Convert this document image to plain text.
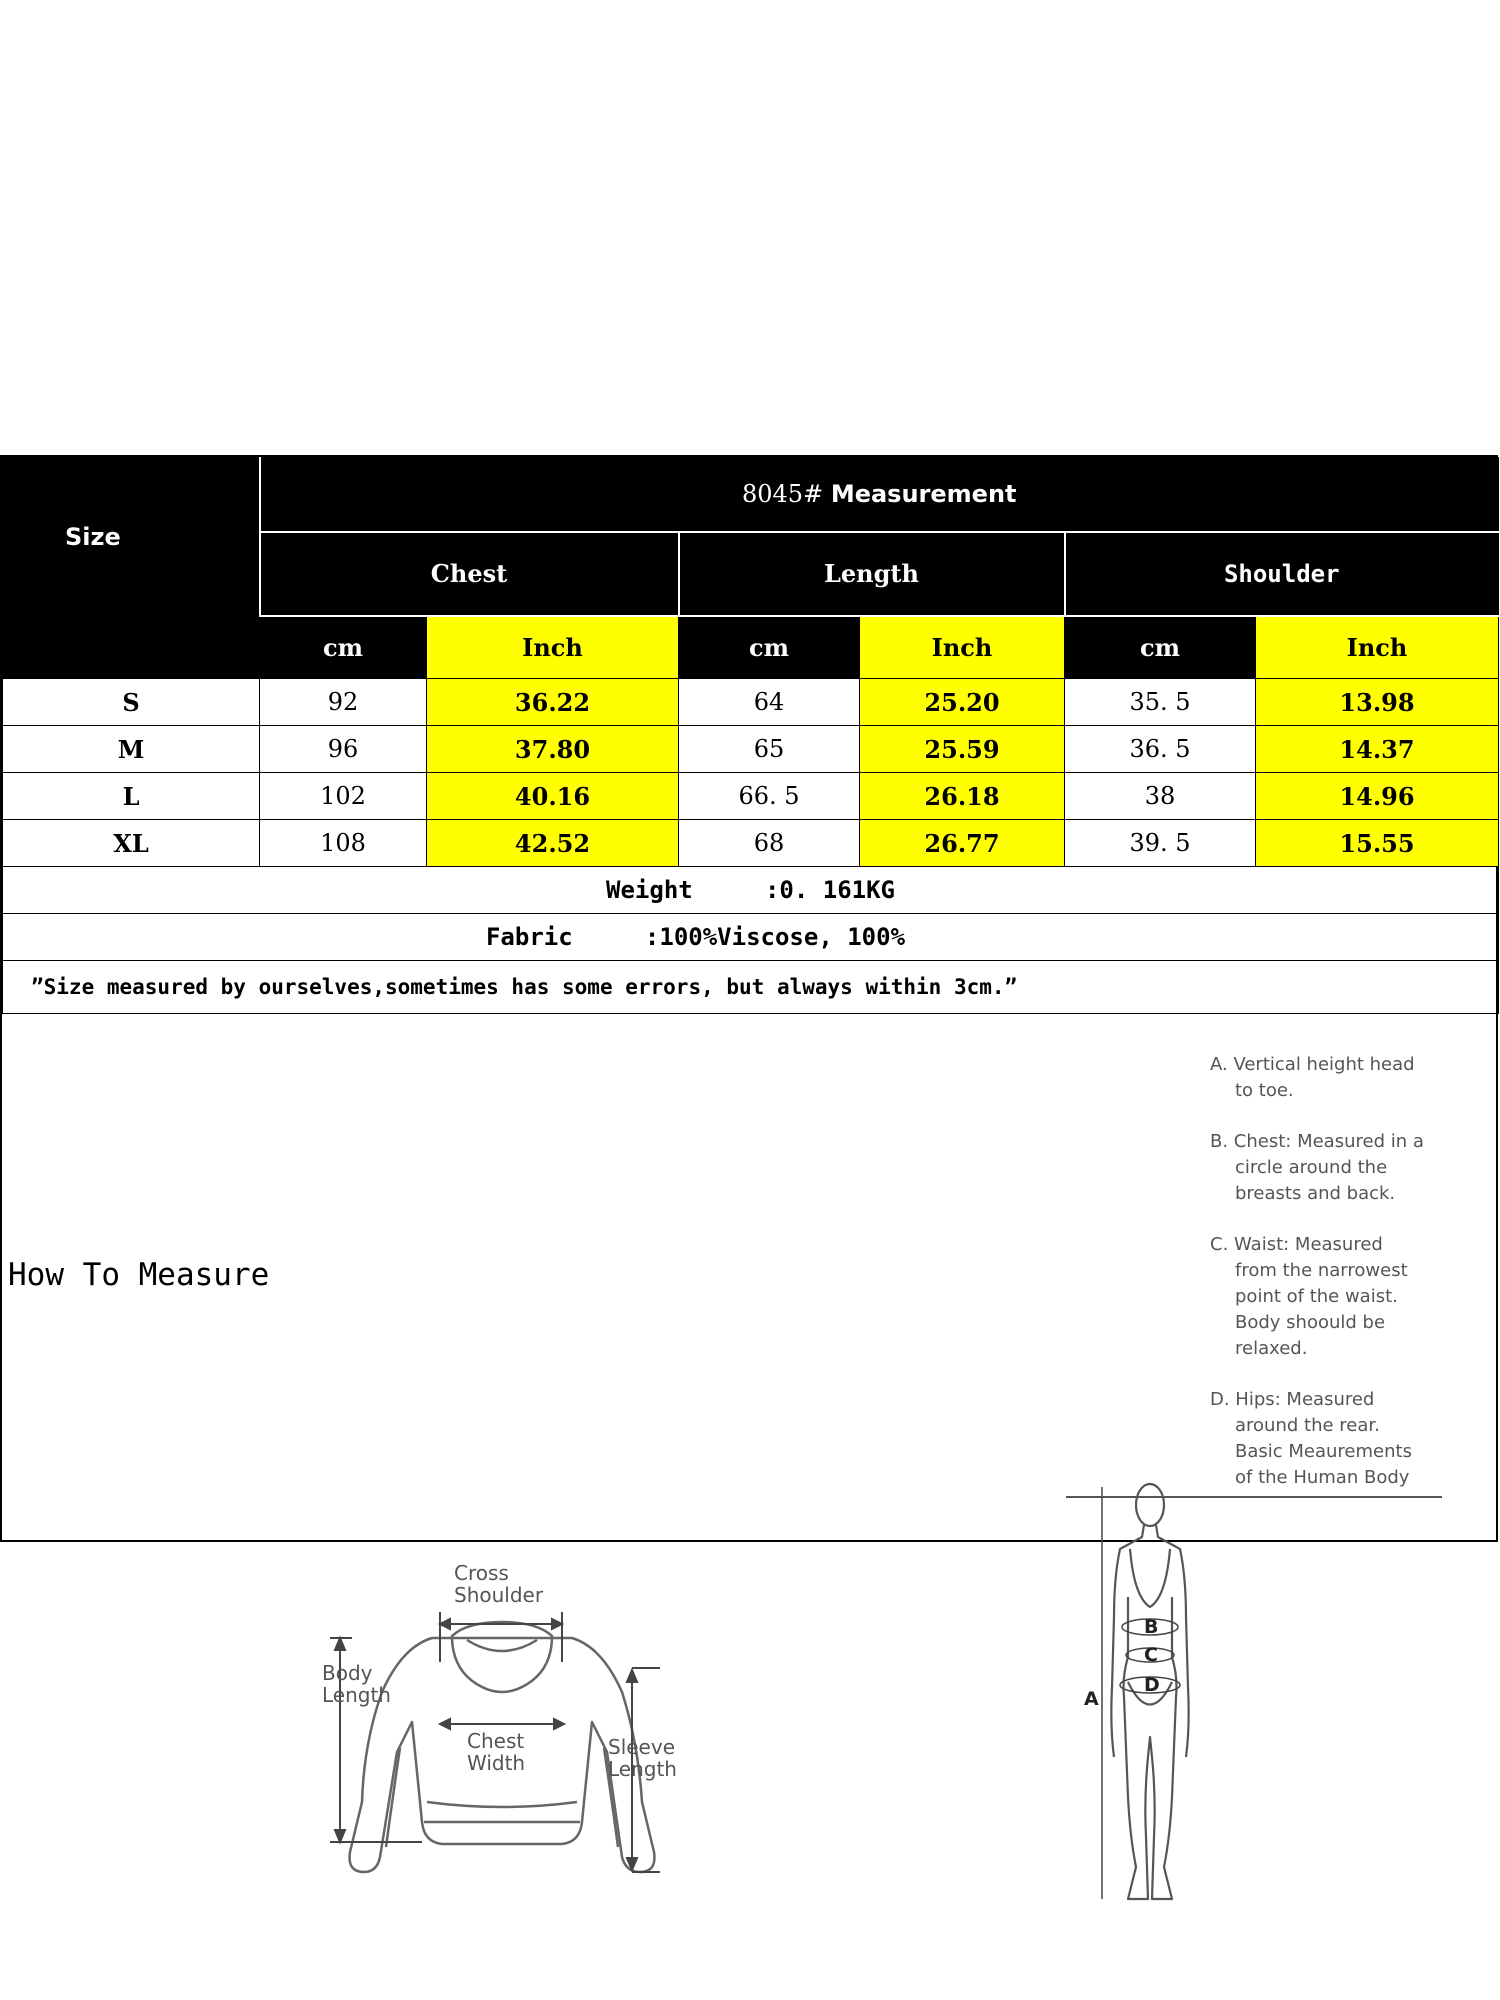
Size	8045# Measurement					
	Chest		Length		Shoulder	
	cm	Inch	cm	Inch	cm	Inch
S	92	36.22	64	25.20	35. 5	13.98
M	96	37.80	65	25.59	36. 5	14.37
L	102	40.16	66. 5	26.18	38	14.96
XL	108	42.52	68	26.77	39. 5	15.55
Weight     :0. 161KG						
Fabric     :100%Viscose, 100%						
”Size measured by ourselves,sometimes has some errors, but always within 3cm.”						
How To Measure
Cross
Shoulder
Body
Length
Chest
Width
Sleeve
Length
A
B
C
D
A. Vertical height head
to toe.
B. Chest: Measured in a
circle around the
breasts and back.
C. Waist: Measured
from the narrowest
point of the waist.
Body shoould be
relaxed.
D. Hips: Measured
around the rear.
Basic Meaurements
of the Human Body
